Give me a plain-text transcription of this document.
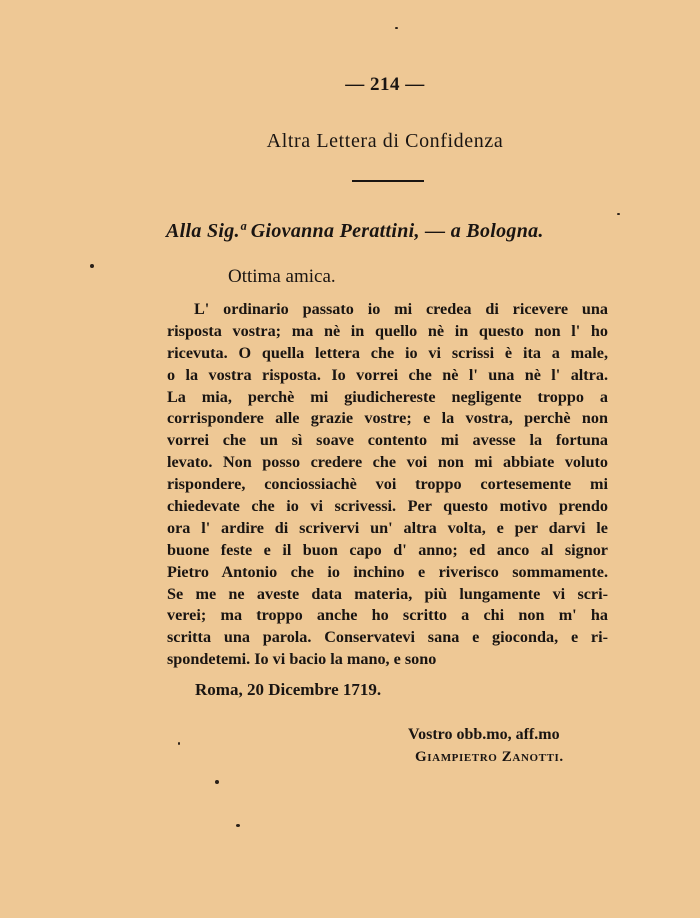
— 214 —
Altra Lettera di Confidenza
Alla Sig.ª Giovanna Perattini, — a Bologna.
Ottima amica.
L' ordinario passato io mi credea di ricevere una
risposta vostra; ma nè in quello nè in questo non l' ho
ricevuta. O quella lettera che io vi scrissi è ita a male,
o la vostra risposta. Io vorrei che nè l' una nè l' altra.
La mia, perchè mi giudichereste negligente troppo a
corrispondere alle grazie vostre; e la vostra, perchè non
vorrei che un sì soave contento mi avesse la fortuna
levato. Non posso credere che voi non mi abbiate voluto
rispondere, conciossiachè voi troppo cortesemente mi
chiedevate che io vi scrivessi. Per questo motivo prendo
ora l' ardire di scrivervi un' altra volta, e per darvi le
buone feste e il buon capo d' anno; ed anco al signor
Pietro Antonio che io inchino e riverisco sommamente.
Se me ne aveste data materia, più lungamente vi scri-
verei; ma troppo anche ho scritto a chi non m' ha
scritta una parola. Conservatevi sana e gioconda, e ri-
spondetemi. Io vi bacio la mano, e sono
Roma, 20 Dicembre 1719.
Vostro obb.mo, aff.mo
Giampietro Zanotti.
